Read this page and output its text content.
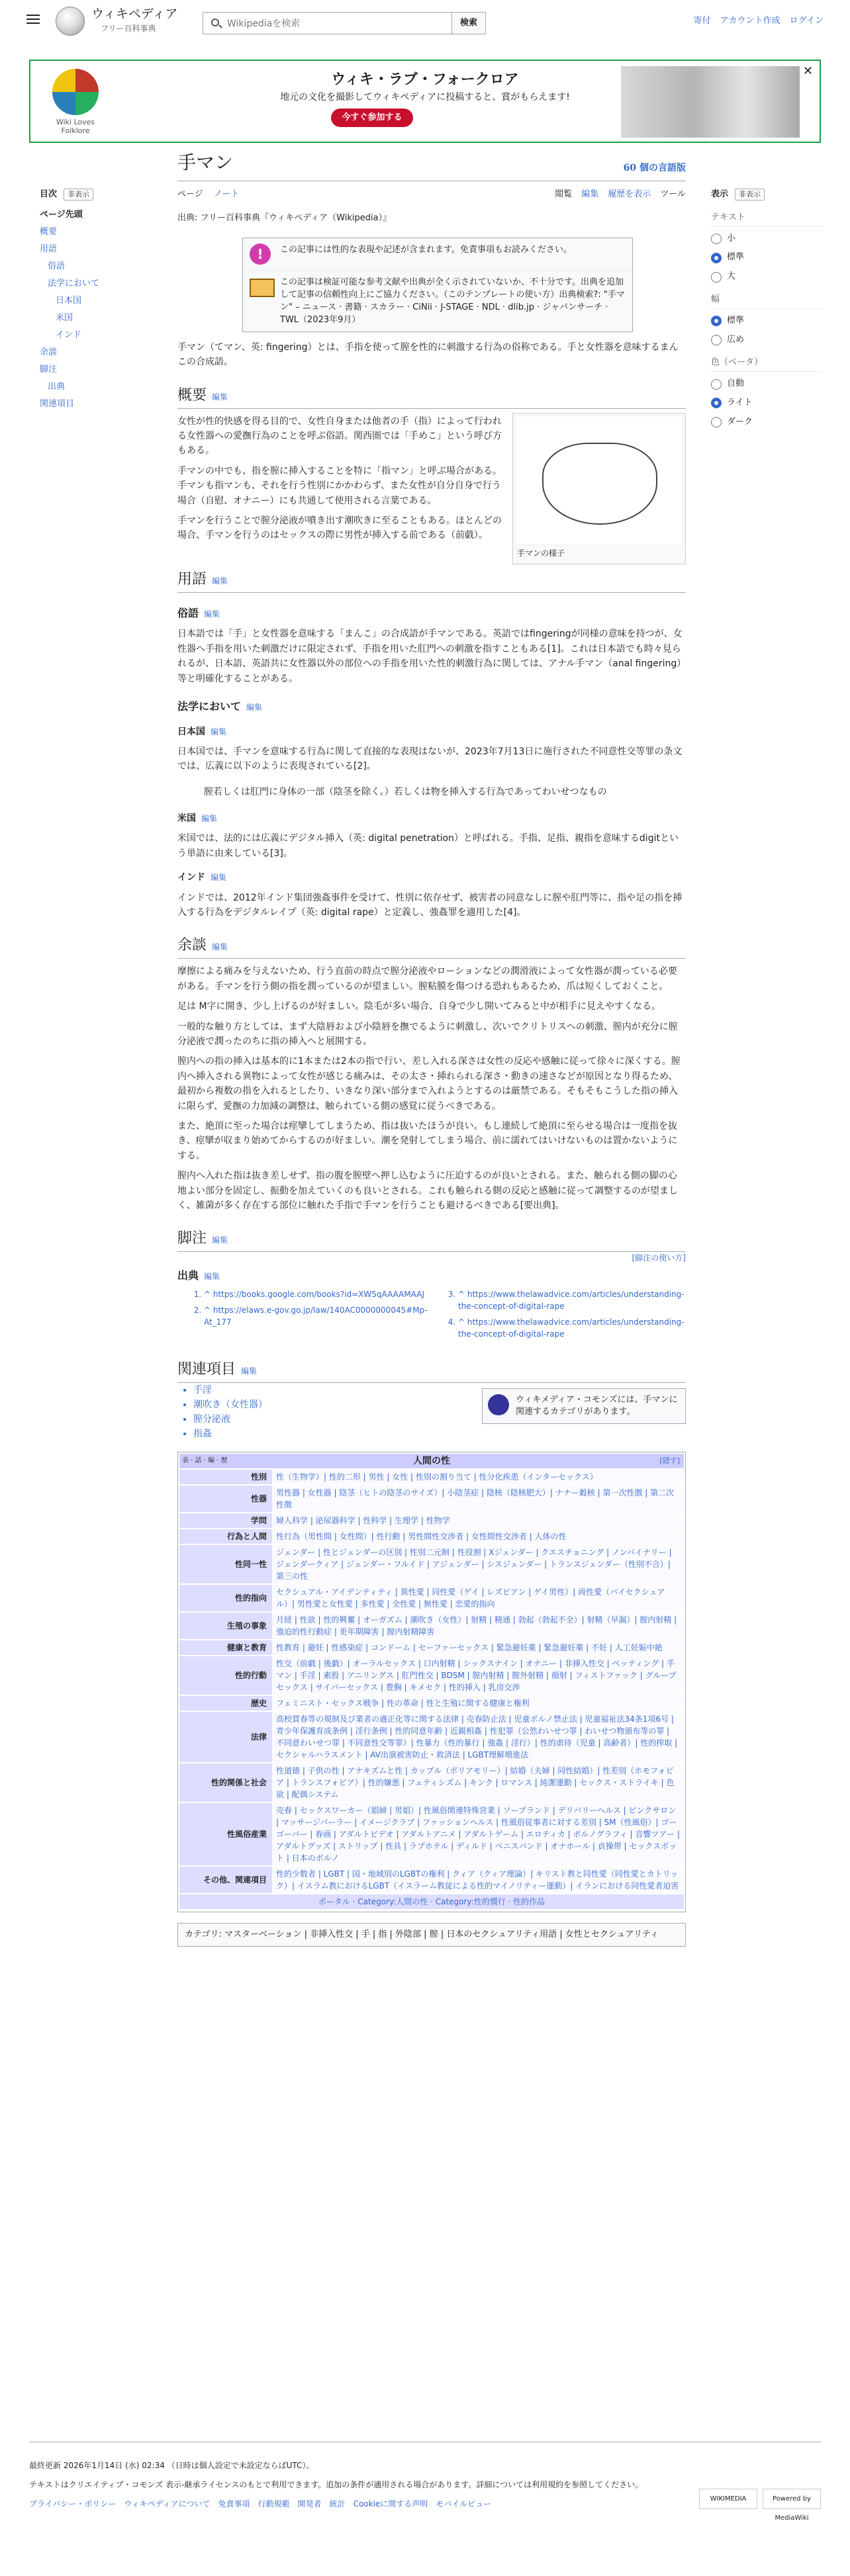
ウィキペディア
フリー百科事典	Wikipediaを検索	検索	寄付 アカウント作成 ログイン
Wiki Loves Folklore
ウィキ・ラブ・フォークロア
地元の文化を撮影してウィキペディアに投稿すると、賞がもらえます!
今すぐ参加する
✕
目次	非表示
ページ先頭
概要
用語
俗語
法学において
日本国
米国
インド
余談
脚注
出典
関連項目
手マン	60 個の言語版
ページ ノート	閲覧 編集 履歴を表示 ツール
出典: フリー百科事典『ウィキペディア（Wikipedia）』
!	この記事には性的な表現や記述が含まれます。免責事項もお読みください。
この記事は検証可能な参考文献や出典が全く示されていないか、不十分です。出典を追加して記事の信頼性向上にご協力ください。（このテンプレートの使い方）出典検索?: "手マン" – ニュース · 書籍 · スカラー · CiNii · J-STAGE · NDL · dlib.jp · ジャパンサーチ · TWL（2023年9月）

手マン（てマン、英: fingering）とは、手指を使って膣を性的に刺激する行為の俗称である。手と女性器を意味するまんこの合成語。

概要 編集
手マンの様子

女性が性的快感を得る目的で、女性自身または他者の手（指）によって行われる女性器への愛撫行為のことを呼ぶ俗語。関西圏では「手めこ」という呼び方もある。

手マンの中でも、指を膣に挿入することを特に「指マン」と呼ぶ場合がある。手マンも指マンも、それを行う性別にかかわらず、また女性が自分自身で行う場合（自慰、オナニー）にも共通して使用される言葉である。

手マンを行うことで膣分泌液が噴き出す潮吹きに至ることもある。ほとんどの場合、手マンを行うのはセックスの際に男性が挿入する前である（前戯）。

用語 編集
俗語 編集

日本語では「手」と女性器を意味する「まんこ」の合成語が手マンである。英語ではfingeringが同様の意味を持つが、女性器へ手指を用いた刺激だけに限定されず、手指を用いた肛門への刺激を指すこともある[1]。これは日本語でも時々見られるが、日本語、英語共に女性器以外の部位への手指を用いた性的刺激行為に関しては、アナル手マン（anal fingering）等と明確化することがある。

法学において 編集
日本国 編集

日本国では、手マンを意味する行為に関して直接的な表現はないが、2023年7月13日に施行された不同意性交等罪の条文では、広義に以下のように表現されている[2]。

膣若しくは肛門に身体の一部（陰茎を除く。）若しくは物を挿入する行為であってわいせつなもの
米国 編集

米国では、法的には広義にデジタル挿入（英: digital penetration）と呼ばれる。手指、足指、親指を意味するdigitという単語に由来している[3]。

インド 編集

インドでは、2012年インド集団強姦事件を受けて、性別に依存せず、被害者の同意なしに膣や肛門等に、指や足の指を挿入する行為をデジタルレイプ（英: digital rape）と定義し、強姦罪を適用した[4]。

余談 編集

摩擦による痛みを与えないため、行う直前の時点で膣分泌液やローションなどの潤滑液によって女性器が潤っている必要がある。手マンを行う側の指を潤っているのが望ましい。膣粘膜を傷つける恐れもあるため、爪は短くしておくこと。

足は M字に開き、少し上げるのが好ましい。陰毛が多い場合、自身で少し開いてみると中が相手に見えやすくなる。

一般的な触り方としては、まず大陰唇および小陰唇を撫でるように刺激し、次いでクリトリスへの刺激、膣内が充分に膣分泌液で潤ったのちに指の挿入へと展開する。

膣内への指の挿入は基本的に1本または2本の指で行い、差し入れる深さは女性の反応や感触に従って徐々に深くする。膣内へ挿入される異物によって女性が感じる痛みは、その太さ・挿れられる深さ・動きの速さなどが原因となり得るため、最初から複数の指を入れるとしたり、いきなり深い部分まで入れようとするのは厳禁である。そもそもこうした指の挿入に限らず、愛撫の力加減の調整は、触られている側の感覚に従うべきである。

また、絶頂に至った場合は痙攣してしまうため、指は抜いたほうが良い。もし連続して絶頂に至らせる場合は一度指を抜き、痙攣が収まり始めてからするのが好ましい。潮を発射してしまう場合、前に濡れてはいけないものは置かないようにする。

膣内へ入れた指は抜き差しせず、指の腹を膣壁へ押し込むように圧迫するのが良いとされる。また、触られる側の脚の心地よい部分を固定し、振動を加えていくのも良いとされる。これも触られる側の反応と感触に従って調整するのが望ましく、雑菌が多く存在する部位に触れた手指で手マンを行うことも避けるべきである[要出典]。

脚注 編集
[脚注の使い方]
出典 編集
1. ^ https://books.google.com/books?id=XW5qAAAAMAAJ
2. ^ https://elaws.e-gov.go.jp/law/140AC0000000045#Mp-At_177
3. ^ https://www.thelawadvice.com/articles/understanding-the-concept-of-digital-rape
4. ^ https://www.thelawadvice.com/articles/understanding-the-concept-of-digital-rape
関連項目 編集
ウィキメディア・コモンズには、手マンに関連するカテゴリがあります。
• 手淫
• 潮吹き（女性器）
• 膣分泌液
• 指姦
表 · 話 · 編 · 歴	人間の性	[隠す]
性別	性（生物学）| 性的二形 | 男性 | 女性 | 性別の割り当て | 性分化疾患（インターセックス）
性器	男性器 | 女性器 | 陰茎（ヒトの陰茎のサイズ）| 小陰茎症 | 陰核（陰核肥大）| ナナー穀核 | 第一次性徴 | 第二次性徴
学問	婦人科学 | 泌尿器科学 | 性科学 | 生理学 | 性物学
行為と人間	性行為（男性間 | 女性間）| 性行動 | 男性間性交渉者 | 女性間性交渉者 | 人体の性
性同一性	ジェンダー | 性とジェンダーの区別 | 性別二元制 | 性役割 | Xジェンダー | クエスチョニング | ノンバイナリー | ジェンダークィア | ジェンダー・フルイド | アジェンダー | シスジェンダー | トランスジェンダー（性別不合）| 第三の性
性的指向	セクシュアル・アイデンティティ | 異性愛 | 同性愛（ゲイ | レズビアン | ゲイ男性）| 両性愛（バイセクシュアル）| 男性愛と女性愛 | 多性愛 | 全性愛 | 無性愛 | 恋愛的指向
生殖の事象	月経 | 性欲 | 性的興奮 | オーガズム | 潮吹き（女性）| 射精 | 精通 | 勃起（勃起不全）| 射精（早漏）| 膣内射精 | 強迫的性行動症 | 更年期障害 | 膣内射精障害
健康と教育	性教育 | 避妊 | 性感染症 | コンドーム | セーファーセックス | 緊急避妊薬 | 緊急避妊薬 | 不妊 | 人工妊娠中絶
性的行動	性交（前戯 | 後戯）| オーラルセックス | 口内射精 | シックスナイン | オナニー | 非挿入性交 | ペッティング | 手マン | 手淫 | 素股 | アニリングス | 肛門性交 | BDSM | 膣内射精 | 膣外射精 | 顔射 | フィストファック | グループセックス | サイバーセックス | 豊胸 | キメセク | 性的挿入 | 乳房交渉
歴史	フェミニスト・セックス戦争 | 性の革命 | 性と生殖に関する健康と権利
法律	高校買春等の規制及び業者の適正化等に関する法律 | 売春防止法 | 児童ポルノ禁止法 | 児童福祉法34条1項6号 | 青少年保護育成条例 | 淫行条例 | 性的同意年齢 | 近親相姦 | 性犯罪（公然わいせつ罪 | わいせつ物頒布等の罪 | 不同意わいせつ罪 | 不同意性交等罪）| 性暴力（性的暴行 | 強姦 | 淫行）| 性的虐待（児童 | 高齢者）| 性的搾取 | セクシャルハラスメント | AV出演被害防止・救済法 | LGBT理解増進法
性的関係と社会	性道徳 | 子供の性 | アナキズムと性 | カップル（ポリアモリー）| 結婚（夫婦 | 同性結婚）| 性差別（ホモフォビア | トランスフォビア）| 性的嫌悪 | フェティシズム | キンク | ロマンス | 純潔運動 | セックス・ストライキ | 色欲 | 配偶システム
性風俗産業	売春 | セックスワーカー（娼婦 | 男娼）| 性風俗関連特殊営業 | ソープランド | デリバリーヘルス | ピンクサロン | マッサージパーラー | イメージクラブ | ファッションヘルス | 性風俗従事者に対する差別 | SM（性風俗）| ゴーゴーバー | 春画 | アダルトビデオ | アダルトアニメ | アダルトゲーム | エロティカ | ポルノグラフィ | 音響ツアー | アダルトグッズ | ストリップ | 性具 | ラブホテル | ディルド | ペニスバンド | オナホール | 貞操帯 | セックスボット | 日本のポルノ
その他、関連項目	性的少数者 | LGBT | 国・地域別のLGBTの権利 | クィア（クィア理論）| キリスト教と同性愛（同性愛とカトリック）| イスラム教におけるLGBT（イスラーム教徒による性的マイノリティー運動）| イランにおける同性愛者迫害
ポータル · Category:人間の性 · Category:性的慣行 · 性的作品	
カテゴリ: マスターベーション | 非挿入性交 | 手 | 指 | 外陰部 | 膣 | 日本のセクシュアリティ用語 | 女性とセクシュアリティ
表示	非表示
テキスト
小
標準
大
幅
標準
広め
色（ベータ）
自動
ライト
ダーク
最終更新 2026年1月14日 (水) 02:34 （日時は個人設定で未設定ならばUTC）。
テキストはクリエイティブ・コモンズ 表示-継承ライセンスのもとで利用できます。追加の条件が適用される場合があります。詳細については利用規約を参照してください。
プライバシー・ポリシー ウィキペディアについて 免責事項 行動規範 開発者 統計 Cookieに関する声明 モバイルビュー
WIKIMEDIA	Powered by MediaWiki
